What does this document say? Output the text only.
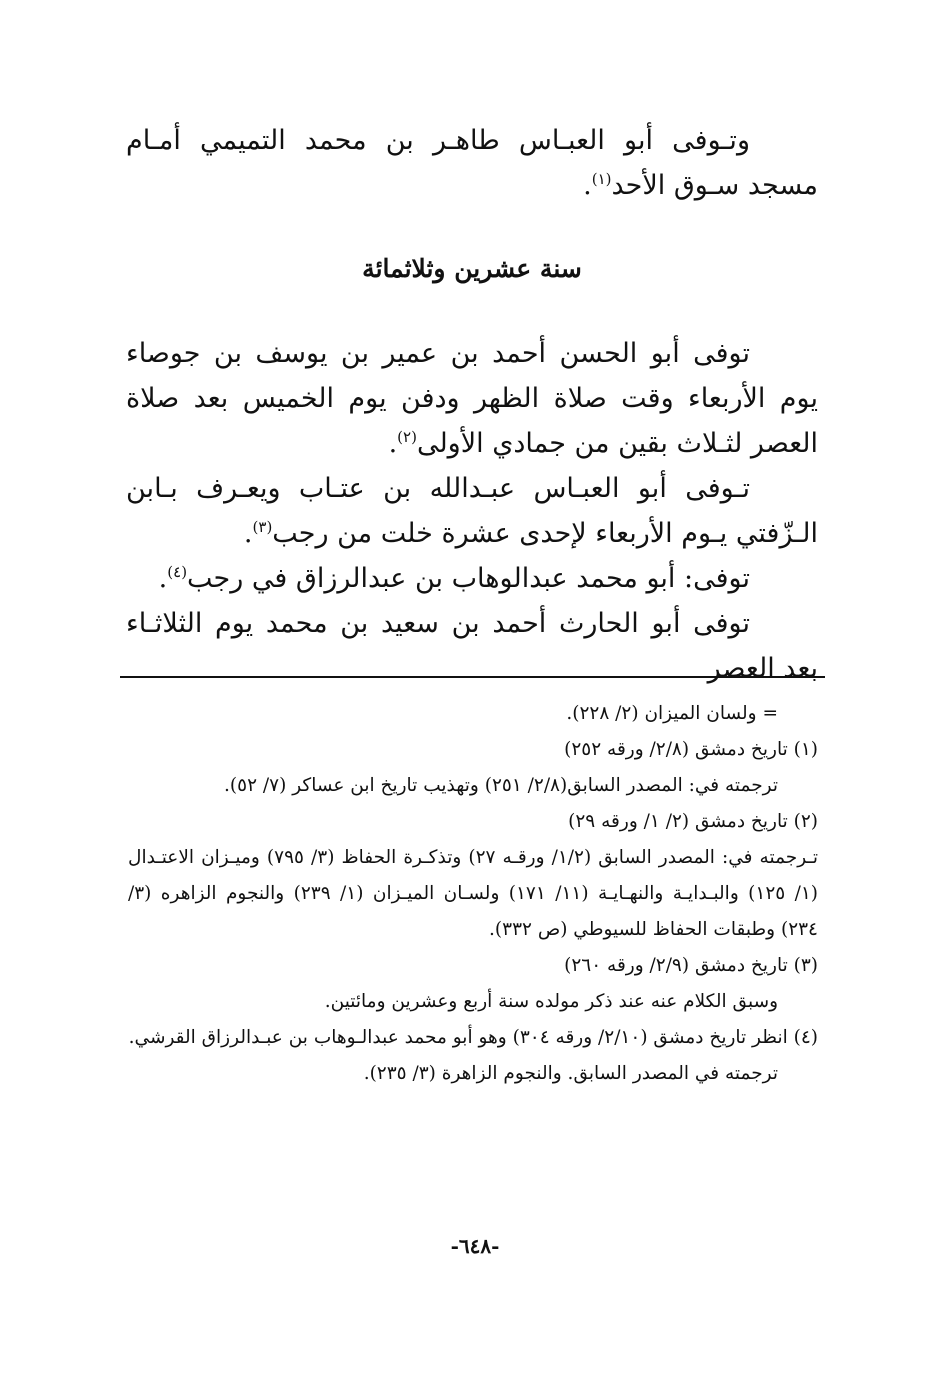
وتـوفى أبو العبـاس طاهـر بن محمد التميمي أمـام مسجد سـوق الأحد$^{(١)}$.

سنة عشرين وثلاثمائة

توفى أبو الحسن أحمد بن عمير بن يوسف بن جوصاء يوم الأربعاء وقت صلاة الظهر ودفن يوم الخميس بعد صلاة العصر لثـلاث بقين من جمادي الأولى$^{(٢)}$.

تـوفى أبو العبـاس عبـدالله بن عتـاب ويعـرف بـابن الـزّفتي يـوم الأربعاء لإحدى عشرة خلت من رجب$^{(٣)}$.

توفى: أبو محمد عبدالوهاب بن عبدالرزاق في رجب$^{(٤)}$.

توفى أبو الحارث أحمد بن سعيد بن محمد يوم الثلاثـاء بعد العصر

= ولسان الميزان (٢/ ٢٢٨).

(١) تاريخ دمشق (٢/٨/ ورقه ٢٥٢)

ترجمته في: المصدر السابق(٢/٨/ ٢٥١) وتهذيب تاريخ ابن عساكر (٧/ ٥٢).

(٢) تاريخ دمشق (٢/ ١/ ورقه ٢٩)

تـرجمته في: المصدر السابق (١/٢/ ورقـه ٢٧) وتذكـرة الحفاظ (٣/ ٧٩٥) وميـزان الاعتـدال (١/ ١٢٥) والبـدايـة والنهـايـة (١١/ ١٧١) ولسـان الميـزان (١/ ٢٣٩) والنجوم الزاهره (٣/ ٢٣٤) وطبقات الحفاظ للسيوطي (ص ٣٣٢).

(٣) تاريخ دمشق (٢/٩/ ورقه ٢٦٠)

وسبق الكلام عنه عند ذكر مولده سنة أربع وعشرين ومائتين.

(٤) انظر تاريخ دمشق (٢/١٠/ ورقه ٣٠٤) وهو أبو محمد عبدالـوهاب بن عبـدالرزاق القرشي.

ترجمته في المصدر السابق. والنجوم الزاهرة (٣/ ٢٣٥).

-٦٤٨-
